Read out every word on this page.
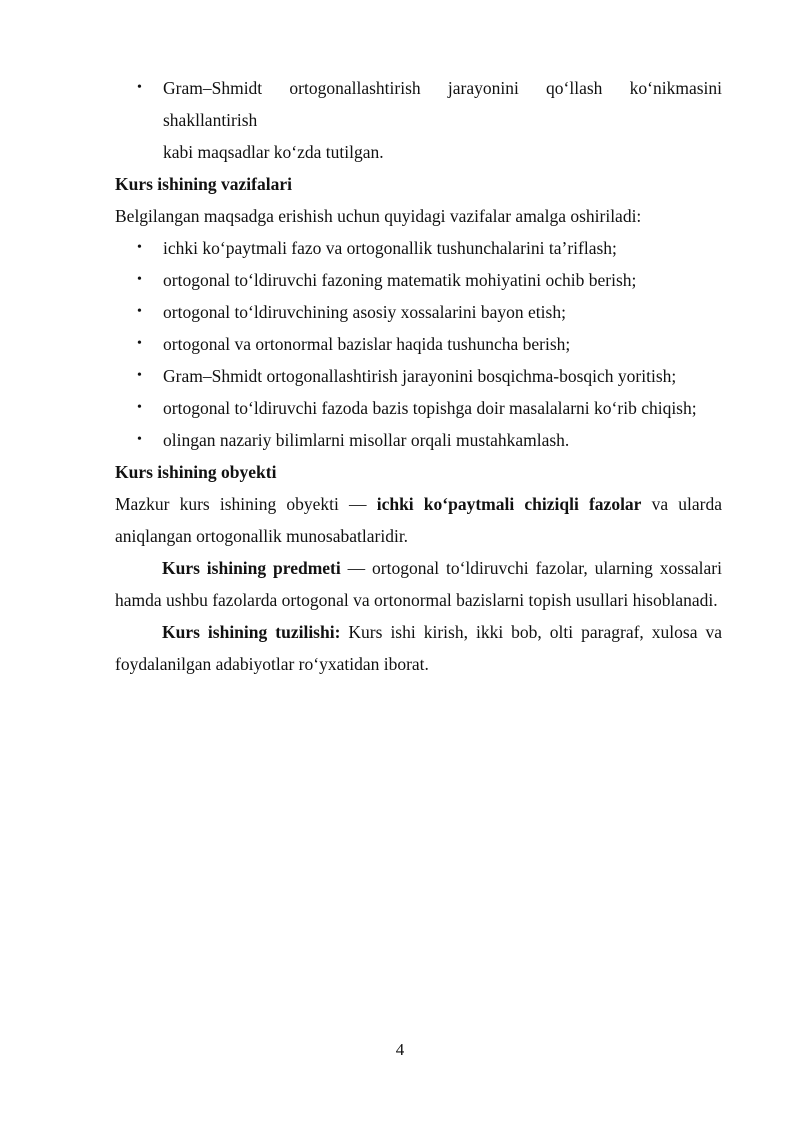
• Gram–Shmidt ortogonallashtirish jarayonini qo‘llash ko‘nikmasini shakllantirish
kabi maqsadlar ko‘zda tutilgan.
Kurs ishining vazifalari
Belgilangan maqsadga erishish uchun quyidagi vazifalar amalga oshiriladi:
• ichki ko‘paytmali fazo va ortogonallik tushunchalarini ta’riflash;
• ortogonal to‘ldiruvchi fazoning matematik mohiyatini ochib berish;
• ortogonal to‘ldiruvchining asosiy xossalarini bayon etish;
• ortogonal va ortonormal bazislar haqida tushuncha berish;
• Gram–Shmidt ortogonallashtirish jarayonini bosqichma-bosqich yoritish;
• ortogonal to‘ldiruvchi fazoda bazis topishga doir masalalarni ko‘rib chiqish;
• olingan nazariy bilimlarni misollar orqali mustahkamlash.
Kurs ishining obyekti
Mazkur kurs ishining obyekti — ichki ko‘paytmali chiziqli fazolar va ularda aniqlangan ortogonallik munosabatlaridir.
Kurs ishining predmeti — ortogonal to‘ldiruvchi fazolar, ularning xossalari hamda ushbu fazolarda ortogonal va ortonormal bazislarni topish usullari hisoblanadi.
Kurs ishining tuzilishi: Kurs ishi kirish, ikki bob, olti paragraf, xulosa va foydalanilgan adabiyotlar ro‘yxatidan iborat.
4
